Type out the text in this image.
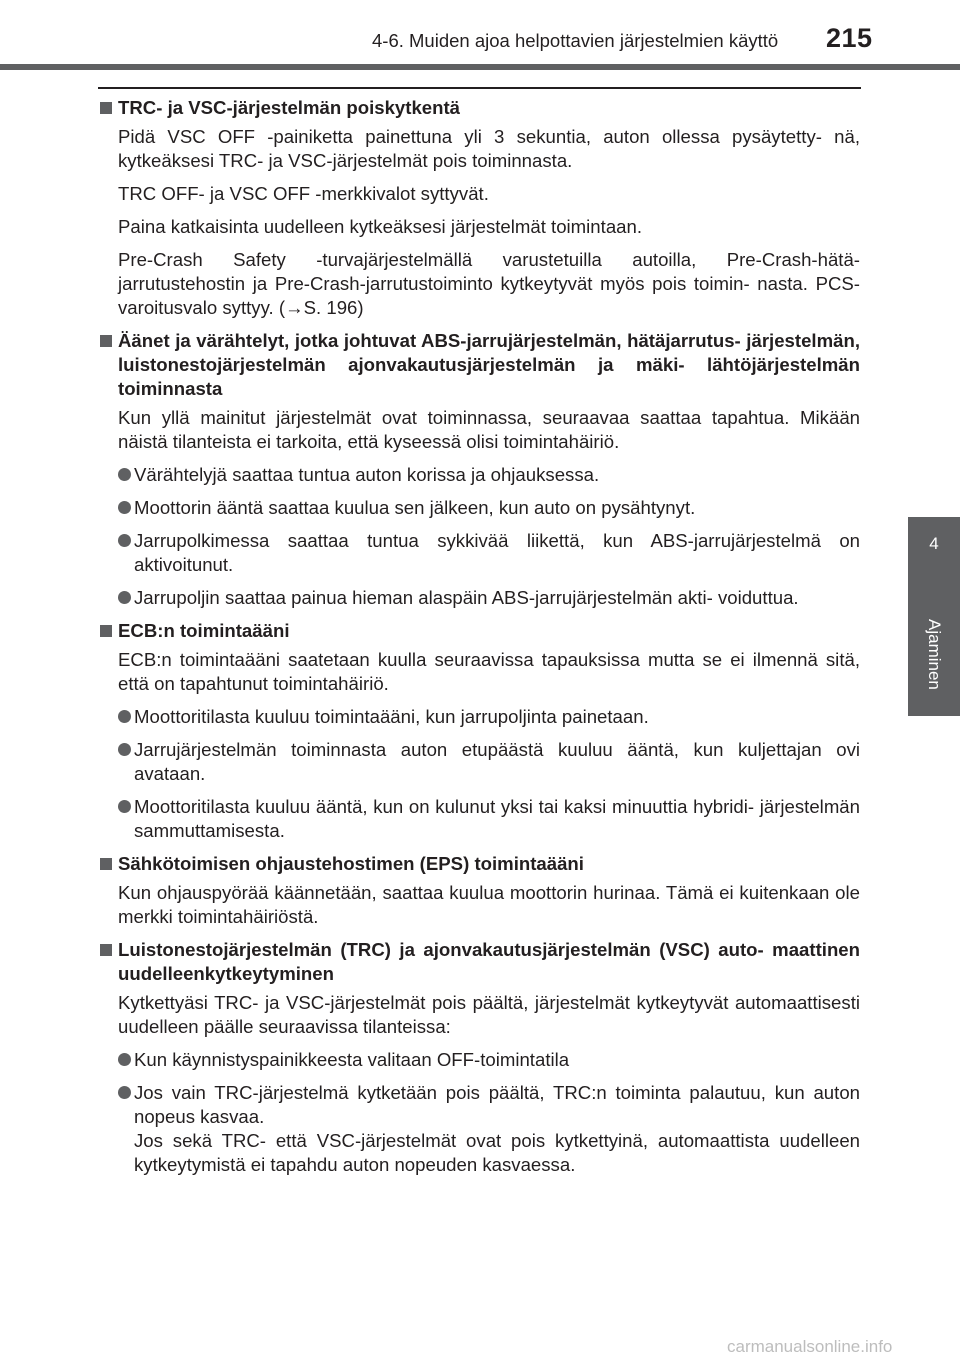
4-6. Muiden ajoa helpottavien järjestelmien käyttö 215
4
Ajaminen
TRC- ja VSC-järjestelmän poiskytkentä
Pidä VSC OFF -painiketta painettuna yli 3 sekuntia, auton ollessa pysäytetty- nä, kytkeäksesi TRC- ja VSC-järjestelmät pois toiminnasta.
TRC OFF- ja VSC OFF -merkkivalot syttyvät.
Paina katkaisinta uudelleen kytkeäksesi järjestelmät toimintaan.
Pre-Crash Safety -turvajärjestelmällä varustetuilla autoilla, Pre-Crash-hätä- jarrutustehostin ja Pre-Crash-jarrutustoiminto kytkeytyvät myös pois toimin- nasta. PCS-varoitusvalo syttyy. (→S. 196)
Äänet ja värähtelyt, jotka johtuvat ABS-jarrujärjestelmän, hätäjarrutus- järjestelmän, luistonestojärjestelmän ajonvakautusjärjestelmän ja mäki- lähtöjärjestelmän toiminnasta
Kun yllä mainitut järjestelmät ovat toiminnassa, seuraavaa saattaa tapahtua. Mikään näistä tilanteista ei tarkoita, että kyseessä olisi toimintahäiriö.
Värähtelyjä saattaa tuntua auton korissa ja ohjauksessa.
Moottorin ääntä saattaa kuulua sen jälkeen, kun auto on pysähtynyt.
Jarrupolkimessa saattaa tuntua sykkivää liikettä, kun ABS-jarrujärjestelmä on aktivoitunut.
Jarrupoljin saattaa painua hieman alaspäin ABS-jarrujärjestelmän akti- voiduttua.
ECB:n toimintaääni
ECB:n toimintaääni saatetaan kuulla seuraavissa tapauksissa mutta se ei ilmennä sitä, että on tapahtunut toimintahäiriö.
Moottoritilasta kuuluu toimintaääni, kun jarrupoljinta painetaan.
Jarrujärjestelmän toiminnasta auton etupäästä kuuluu ääntä, kun kuljettajan ovi avataan.
Moottoritilasta kuuluu ääntä, kun on kulunut yksi tai kaksi minuuttia hybridi- järjestelmän sammuttamisesta.
Sähkötoimisen ohjaustehostimen (EPS) toimintaääni
Kun ohjauspyörää käännetään, saattaa kuulua moottorin hurinaa. Tämä ei kuitenkaan ole merkki toimintahäiriöstä.
Luistonestojärjestelmän (TRC) ja ajonvakautusjärjestelmän (VSC) auto- maattinen uudelleenkytkeytyminen
Kytkettyäsi TRC- ja VSC-järjestelmät pois päältä, järjestelmät kytkeytyvät automaattisesti uudelleen päälle seuraavissa tilanteissa:
Kun käynnistyspainikkeesta valitaan OFF-toimintatila
Jos vain TRC-järjestelmä kytketään pois päältä, TRC:n toiminta palautuu, kun auton nopeus kasvaa.
Jos sekä TRC- että VSC-järjestelmät ovat pois kytkettyinä, automaattista uudelleen kytkeytymistä ei tapahdu auton nopeuden kasvaessa.
carmanualsonline.info
